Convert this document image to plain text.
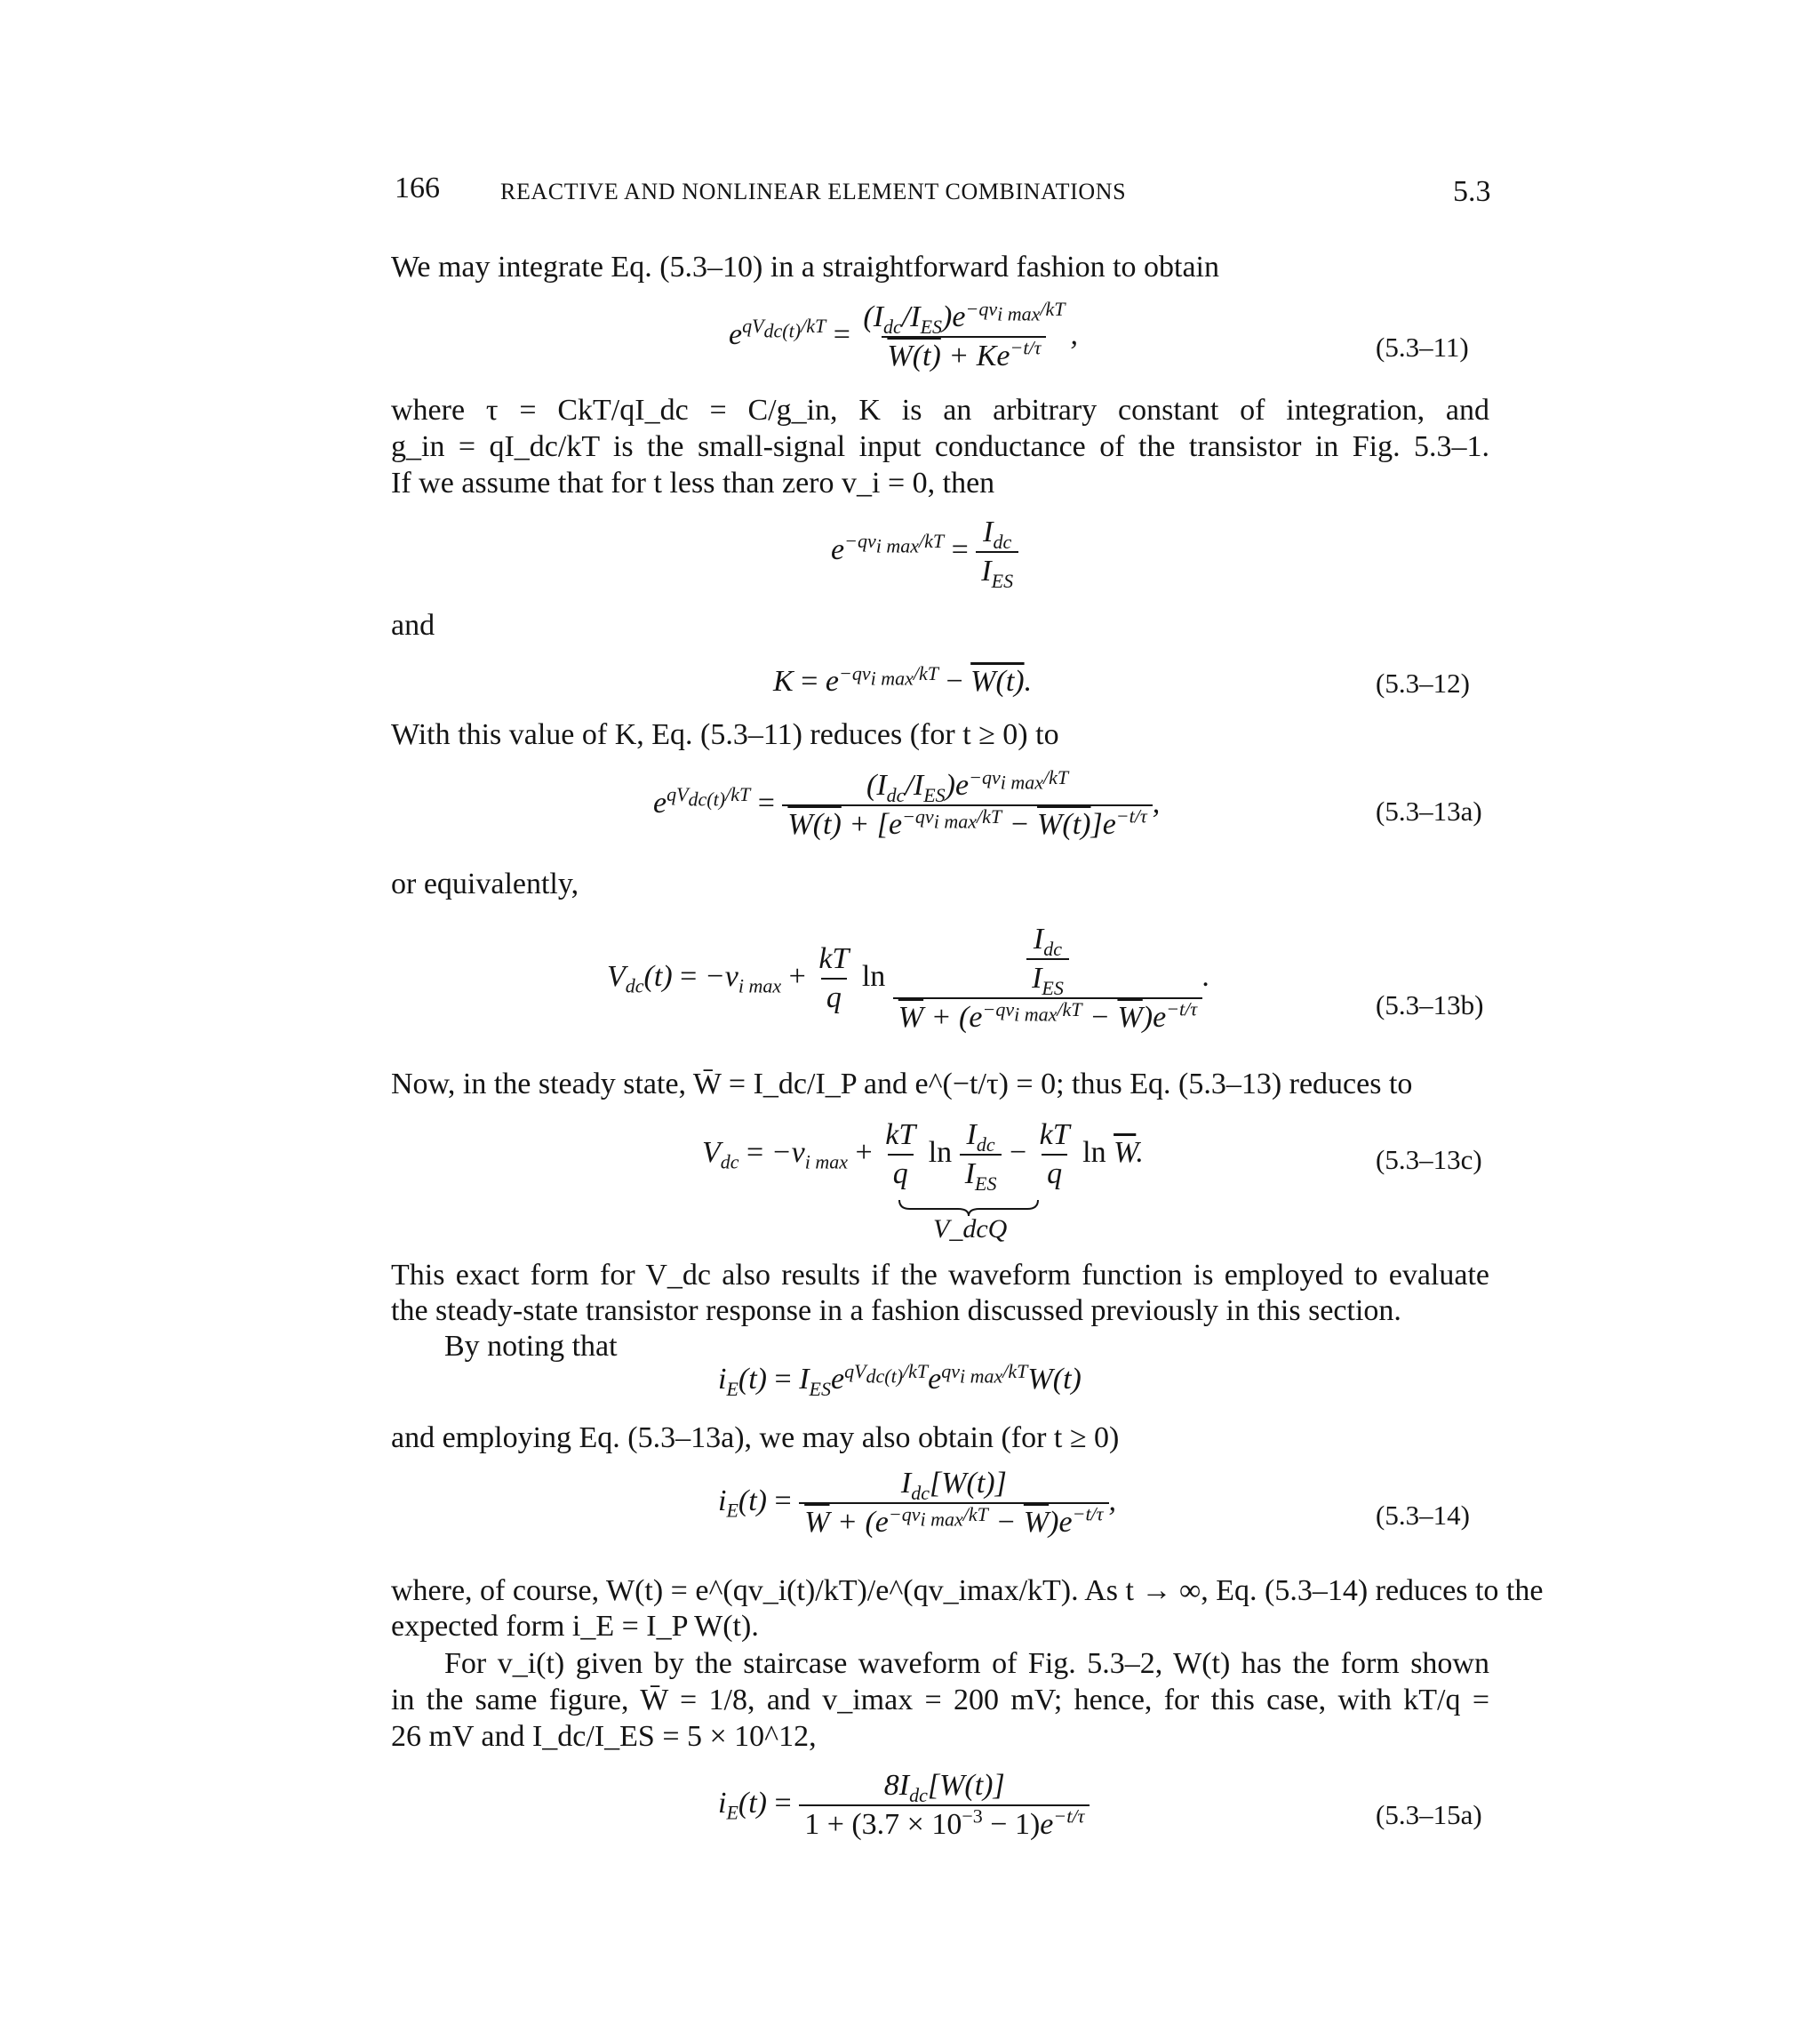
166	REACTIVE AND NONLINEAR ELEMENT COMBINATIONS	5.3
We may integrate Eq. (5.3–10) in a straightforward fashion to obtain
$e^{qV_{dc(t)}/kT} = \frac{(I_{dc}/I_{ES})e^{-qv_{i max}/kT}}{W(t) + Ke^{-t/\tau}}$ ,	(5.3–11)
where τ = CkT/qI_dc = C/g_in, K is an arbitrary constant of integration, and
g_in = qI_dc/kT is the small-signal input conductance of the transistor in Fig. 5.3–1.
If we assume that for t less than zero v_i = 0, then
$e^{-qv_{i max}/kT} = \frac{I_{dc}}{I_{ES}}$
and
$K = e^{-qv_{i max}/kT} - W(t)$.	(5.3–12)
With this value of K, Eq. (5.3–11) reduces (for t ≥ 0) to
$e^{qV_{dc(t)}/kT} = \frac{(I_{dc}/I_{ES})e^{-qv_{i max}/kT}}{W(t) + [e^{-qv_{i max}/kT} - W(t)]e^{-t/\tau}}$ ,	(5.3–13a)
or equivalently,
$V_{dc}(t) = -v_{i max} + \frac{kT}{q}$ $\ln \frac{\frac{I_{dc}}{I_{ES}}}{\overline{W} + (e^{-qv_{i max}/kT} - \overline{W})e^{-t/\tau}}$ .
(5.3–13b)
Now, in the steady state, W̄ = I_dc/I_P and e^(−t/τ) = 0; thus Eq. (5.3–13) reduces to
$V_{dc} = -v_{i max} + \frac{kT}{q}$ $\ln \frac{I_{dc}}{I_{ES}} - \frac{kT}{q}$ $\ln \overline{W}$.
V_dcQ
(5.3–13c)
This exact form for V_dc also results if the waveform function is employed to evaluate
the steady-state transistor response in a fashion discussed previously in this section.
By noting that
$i_E(t) = I_{ES}e^{qV_{dc(t)}/kT}e^{qv_{i max}/kT}W(t)$
and employing Eq. (5.3–13a), we may also obtain (for t ≥ 0)
$i_E(t) = \frac{I_{dc}[W(t)]}{\overline{W} + (e^{-qv_{i max}/kT} - \overline{W})e^{-t/\tau}}$ ,	(5.3–14)
where, of course, W(t) = e^(qv_i(t)/kT)/e^(qv_imax/kT). As t → ∞, Eq. (5.3–14) reduces to the
expected form i_E = I_P W(t).
For v_i(t) given by the staircase waveform of Fig. 5.3–2, W(t) has the form shown
in the same figure, W̄ = 1/8, and v_imax = 200 mV; hence, for this case, with kT/q =
26 mV and I_dc/I_ES = 5 × 10^12,
$i_E(t) = \frac{8I_{dc}[W(t)]}{1 + (3.7 \times 10^{-3} - 1)e^{-t/\tau}}$	(5.3–15a)
